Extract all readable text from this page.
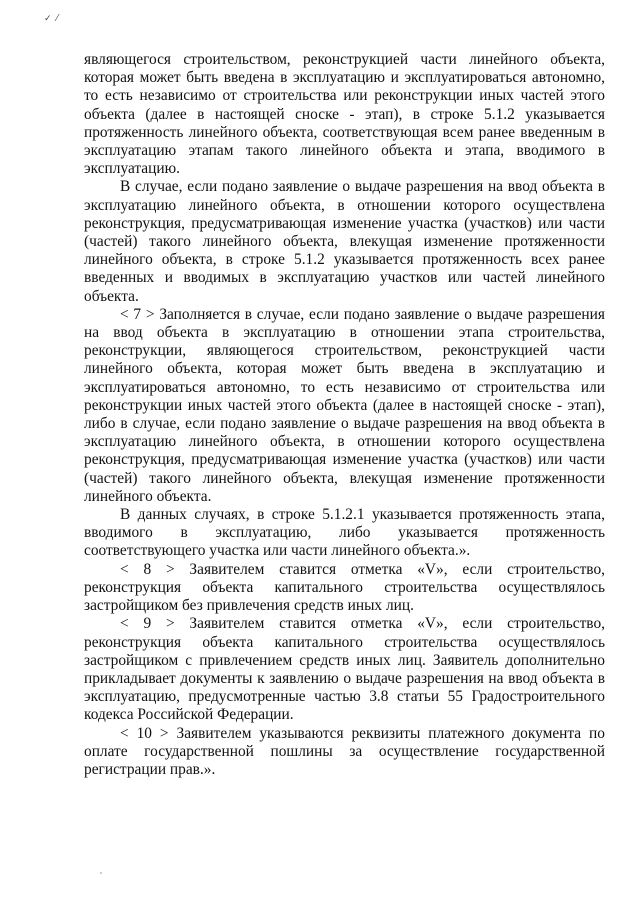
✓ ⁄

являющегося строительством, реконструкцией части линейного объекта, которая может быть введена в эксплуатацию и эксплуатироваться автономно, то есть независимо от строительства или реконструкции иных частей этого объекта (далее в настоящей сноске - этап), в строке 5.1.2 указывается протяженность линейного объекта, соответствующая всем ранее введенным в эксплуатацию этапам такого линейного объекта и этапа, вводимого в эксплуатацию.

В случае, если подано заявление о выдаче разрешения на ввод объекта в эксплуатацию линейного объекта, в отношении которого осуществлена реконструкция, предусматривающая изменение участка (участков) или части (частей) такого линейного объекта, влекущая изменение протяженности линейного объекта, в строке 5.1.2 указывается протяженность всех ранее введенных и вводимых в эксплуатацию участков или частей линейного объекта.

< 7 > Заполняется в случае, если подано заявление о выдаче разрешения на ввод объекта в эксплуатацию в отношении этапа строительства, реконструкции, являющегося строительством, реконструкцией части линейного объекта, которая может быть введена в эксплуатацию и эксплуатироваться автономно, то есть независимо от строительства или реконструкции иных частей этого объекта (далее в настоящей сноске - этап), либо в случае, если подано заявление о выдаче разрешения на ввод объекта в эксплуатацию линейного объекта, в отношении которого осуществлена реконструкция, предусматривающая изменение участка (участков) или части (частей) такого линейного объекта, влекущая изменение протяженности линейного объекта.

В данных случаях, в строке 5.1.2.1 указывается протяженность этапа, вводимого в эксплуатацию, либо указывается протяженность соответствующего участка или части линейного объекта.».

< 8 > Заявителем ставится отметка «V», если строительство, реконструкция объекта капитального строительства осуществлялось застройщиком без привлечения средств иных лиц.

< 9 > Заявителем ставится отметка «V», если строительство, реконструкция объекта капитального строительства осуществлялось застройщиком с привлечением средств иных лиц. Заявитель дополнительно прикладывает документы к заявлению о выдаче разрешения на ввод объекта в эксплуатацию, предусмотренные частью 3.8 статьи 55 Градостроительного кодекса Российской Федерации.

< 10 > Заявителем указываются реквизиты платежного документа по оплате государственной пошлины за осуществление государственной регистрации прав.».
